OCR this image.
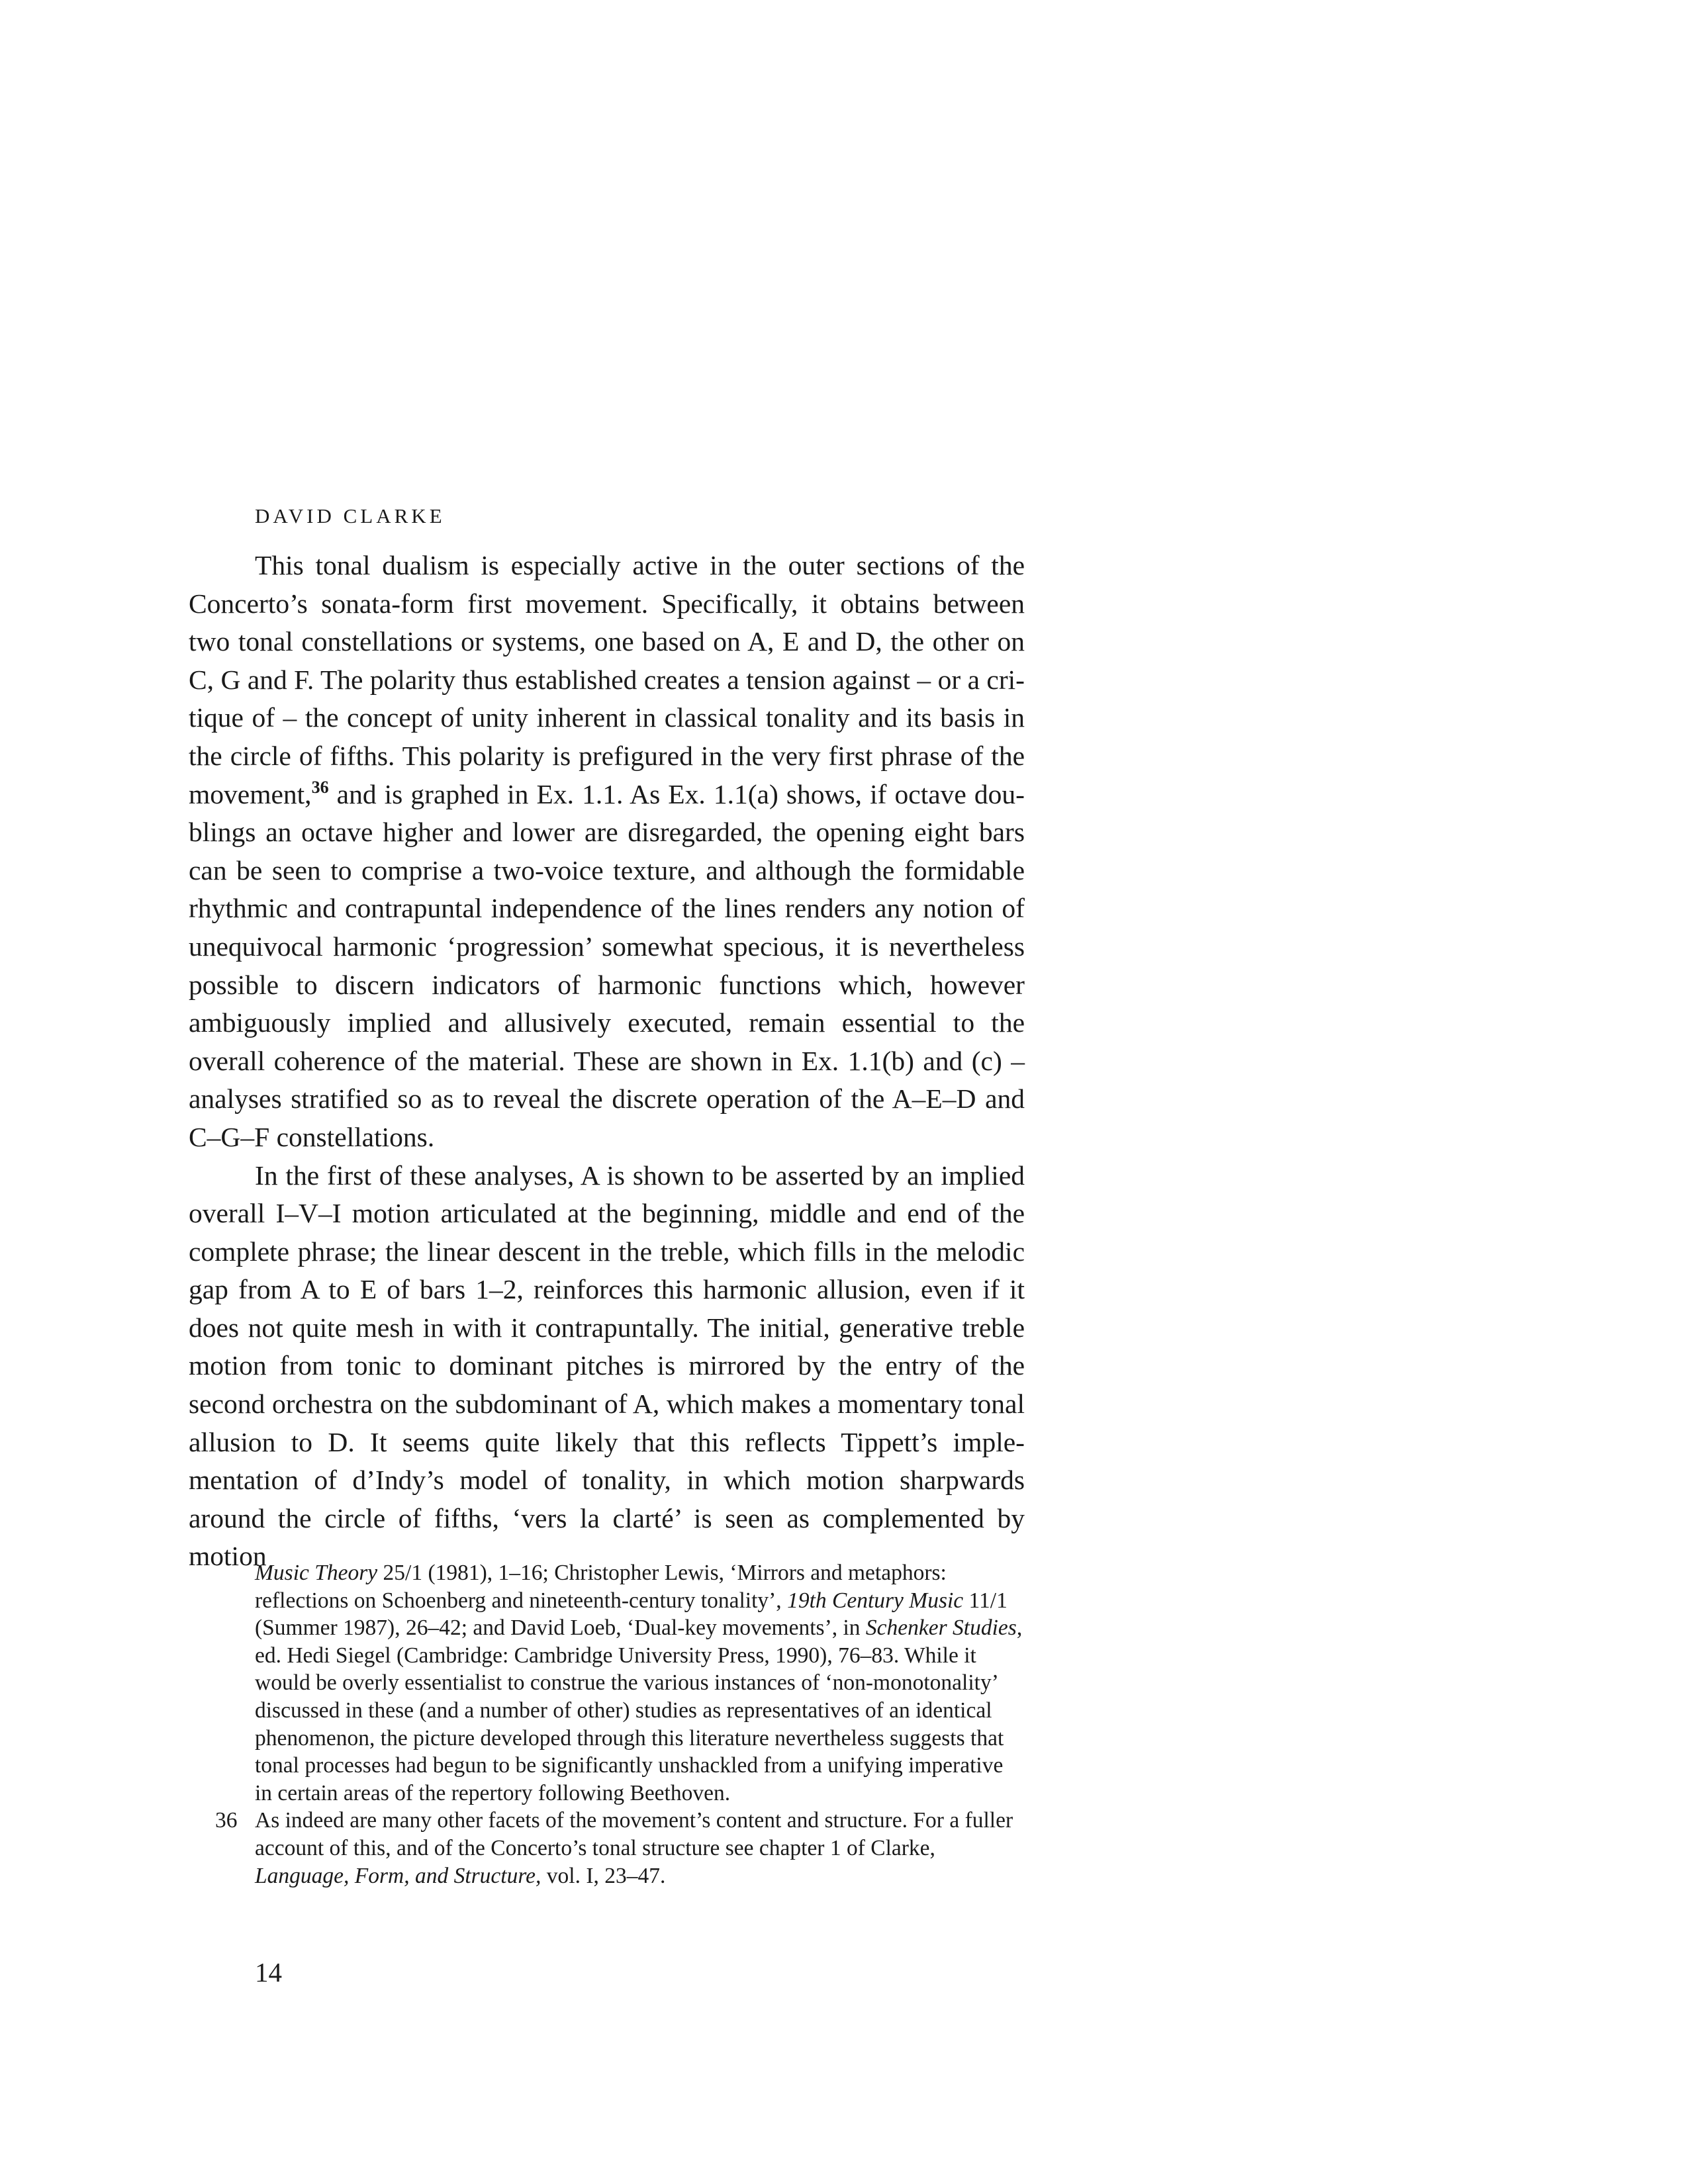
DAVID CLARKE

This tonal dualism is especially active in the outer sections of the Concerto’s sonata-form first movement. Specifically, it obtains between two tonal constellations or systems, one based on A, E and D, the other on C, G and F. The polarity thus established creates a tension against – or a critique of – the concept of unity inherent in classical tonality and its basis in the circle of fifths. This polarity is prefigured in the very first phrase of the movement,$^{36}$ and is graphed in Ex. 1.1. As Ex. 1.1(a) shows, if octave doublings an octave higher and lower are disregarded, the opening eight bars can be seen to comprise a two-voice texture, and although the formidable rhythmic and contrapuntal independence of the lines renders any notion of unequivocal harmonic ‘progression’ somewhat specious, it is nevertheless possible to discern indicators of harmonic functions which, however ambiguously implied and allusively executed, remain essential to the overall coherence of the material. These are shown in Ex. 1.1(b) and (c) – analyses stratified so as to reveal the discrete operation of the A–E–D and C–G–F constellations.

In the first of these analyses, A is shown to be asserted by an implied overall I–V–I motion articulated at the beginning, middle and end of the complete phrase; the linear descent in the treble, which fills in the melodic gap from A to E of bars 1–2, reinforces this harmonic allusion, even if it does not quite mesh in with it contrapuntally. The initial, generative treble motion from tonic to dominant pitches is mirrored by the entry of the second orchestra on the subdominant of A, which makes a momentary tonal allusion to D. It seems quite likely that this reflects Tippett’s implementation of d’Indy’s model of tonality, in which motion sharpwards around the circle of fifths, ‘vers la clarté’ is seen as complemented by motion

Music Theory 25/1 (1981), 1–16; Christopher Lewis, ‘Mirrors and metaphors: reflections on Schoenberg and nineteenth-century tonality’, 19th Century Music 11/1 (Summer 1987), 26–42; and David Loeb, ‘Dual-key movements’, in Schenker Studies, ed. Hedi Siegel (Cambridge: Cambridge University Press, 1990), 76–83. While it would be overly essentialist to construe the various instances of ‘non-monotonality’ discussed in these (and a number of other) studies as representatives of an identical phenomenon, the picture developed through this literature nevertheless suggests that tonal processes had begun to be significantly unshackled from a unifying imperative in certain areas of the repertory following Beethoven.

36 As indeed are many other facets of the movement’s content and structure. For a fuller account of this, and of the Concerto’s tonal structure see chapter 1 of Clarke, Language, Form, and Structure, vol. I, 23–47.

14
